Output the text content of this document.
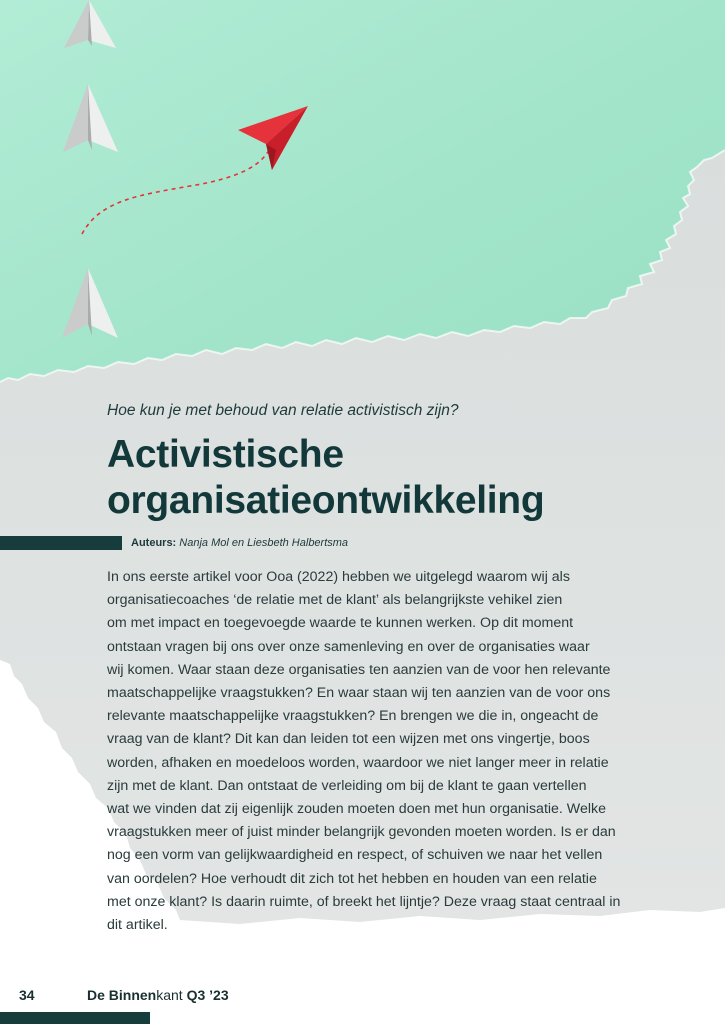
Hoe kun je met behoud van relatie activistisch zijn?

Activistische
organisatieontwikkeling

Auteurs: Nanja Mol en Liesbeth Halbertsma

In ons eerste artikel voor Ooa (2022) hebben we uitgelegd waarom wij als
organisatiecoaches ‘de relatie met de klant’ als belangrijkste vehikel zien
om met impact en toegevoegde waarde te kunnen werken. Op dit moment
ontstaan vragen bij ons over onze samenleving en over de organisaties waar
wij komen. Waar staan deze organisaties ten aanzien van de voor hen relevante
maatschappelijke vraagstukken? En waar staan wij ten aanzien van de voor ons
relevante maatschappelijke vraagstukken? En brengen we die in, ongeacht de
vraag van de klant? Dit kan dan leiden tot een wijzen met ons vingertje, boos
worden, afhaken en moedeloos worden, waardoor we niet langer meer in relatie
zijn met de klant. Dan ontstaat de verleiding om bij de klant te gaan vertellen
wat we vinden dat zij eigenlijk zouden moeten doen met hun organisatie. Welke
vraagstukken meer of juist minder belangrijk gevonden moeten worden. Is er dan
nog een vorm van gelijkwaardigheid en respect, of schuiven we naar het vellen
van oordelen? Hoe verhoudt dit zich tot het hebben en houden van een relatie
met onze klant? Is daarin ruimte, of breekt het lijntje? Deze vraag staat centraal in
dit artikel.

34	De Binnenkant Q3 ’23
